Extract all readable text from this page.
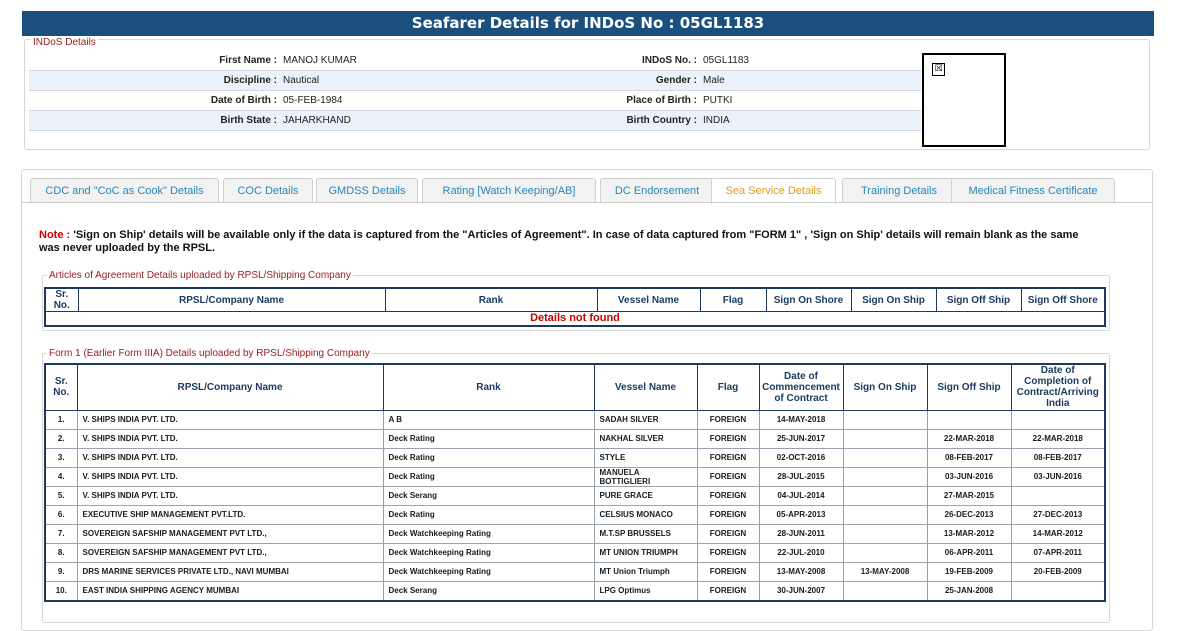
Seafarer Details for INDoS No : 05GL1183
INDoS Details
First Name :	MANOJ KUMAR	INDoS No. :	05GL1183
Discipline :	Nautical	Gender :	Male
Date of Birth :	05-FEB-1984	Place of Birth :	PUTKI
Birth State :	JAHARKHAND	Birth Country :	INDIA
☒
CDC and "CoC as Cook" Details	COC Details	GMDSS Details	Rating [Watch Keeping/AB]	DC Endorsement	Sea Service Details	Training Details	Medical Fitness Certificate
Note : 'Sign on Ship' details will be available only if the data is captured from the "Articles of Agreement". In case of data captured from "FORM 1" , 'Sign on Ship' details will remain blank as the same was never uploaded by the RPSL.
Articles of Agreement Details uploaded by RPSL/Shipping Company
Sr. No.	RPSL/Company Name	Rank	Vessel Name	Flag	Sign On Shore	Sign On Ship	Sign Off Ship	Sign Off Shore
Details not found
Form 1 (Earlier Form IIIA) Details uploaded by RPSL/Shipping Company
Sr. No.	RPSL/Company Name	Rank	Vessel Name	Flag	Date of Commencement of Contract	Sign On Ship	Sign Off Ship	Date of Completion of Contract/Arriving India
1.	V. SHIPS INDIA PVT. LTD.	A B	SADAH SILVER	FOREIGN	14-MAY-2018			
2.	V. SHIPS INDIA PVT. LTD.	Deck Rating	NAKHAL SILVER	FOREIGN	25-JUN-2017		22-MAR-2018	22-MAR-2018
3.	V. SHIPS INDIA PVT. LTD.	Deck Rating	STYLE	FOREIGN	02-OCT-2016		08-FEB-2017	08-FEB-2017
4.	V. SHIPS INDIA PVT. LTD.	Deck Rating	MANUELA BOTTIGLIERI	FOREIGN	28-JUL-2015		03-JUN-2016	03-JUN-2016
5.	V. SHIPS INDIA PVT. LTD.	Deck Serang	PURE GRACE	FOREIGN	04-JUL-2014		27-MAR-2015	
6.	EXECUTIVE SHIP MANAGEMENT PVT.LTD.	Deck Rating	CELSIUS MONACO	FOREIGN	05-APR-2013		26-DEC-2013	27-DEC-2013
7.	SOVEREIGN SAFSHIP MANAGEMENT PVT LTD.,	Deck Watchkeeping Rating	M.T.SP BRUSSELS	FOREIGN	28-JUN-2011		13-MAR-2012	14-MAR-2012
8.	SOVEREIGN SAFSHIP MANAGEMENT PVT LTD.,	Deck Watchkeeping Rating	MT UNION TRIUMPH	FOREIGN	22-JUL-2010		06-APR-2011	07-APR-2011
9.	DRS MARINE SERVICES PRIVATE LTD., NAVI MUMBAI	Deck Watchkeeping Rating	MT Union Triumph	FOREIGN	13-MAY-2008	13-MAY-2008	19-FEB-2009	20-FEB-2009
10.	EAST INDIA SHIPPING AGENCY MUMBAI	Deck Serang	LPG Optimus	FOREIGN	30-JUN-2007		25-JAN-2008	
